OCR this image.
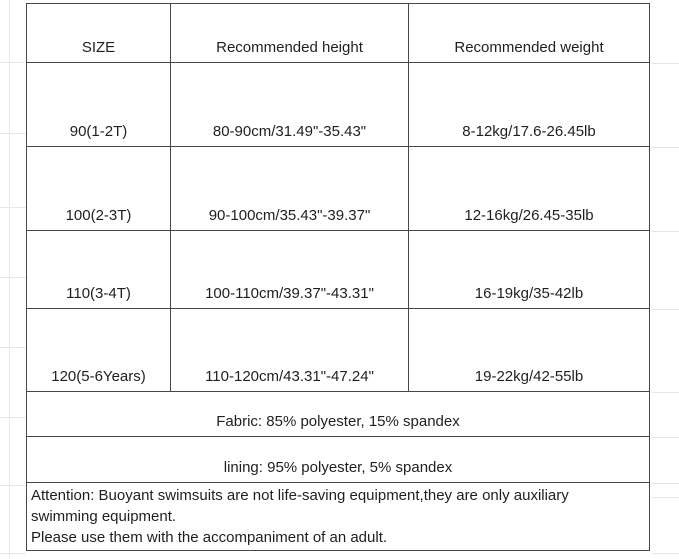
SIZE	Recommended height	Recommended weight
90(1-2T)	80-90cm/31.49"-35.43"	8-12kg/17.6-26.45lb
100(2-3T)	90-100cm/35.43"-39.37"	12-16kg/26.45-35lb
110(3-4T)	100-110cm/39.37"-43.31"	16-19kg/35-42lb
120(5-6Years)	110-120cm/43.31"-47.24"	19-22kg/42-55lb
Fabric: 85% polyester, 15% spandex		
lining: 95% polyester, 5% spandex		

Attention: Buoyant swimsuits are not life-saving equipment,they are only auxiliary swimming equipment.
Please use them with the accompaniment of an adult.		
